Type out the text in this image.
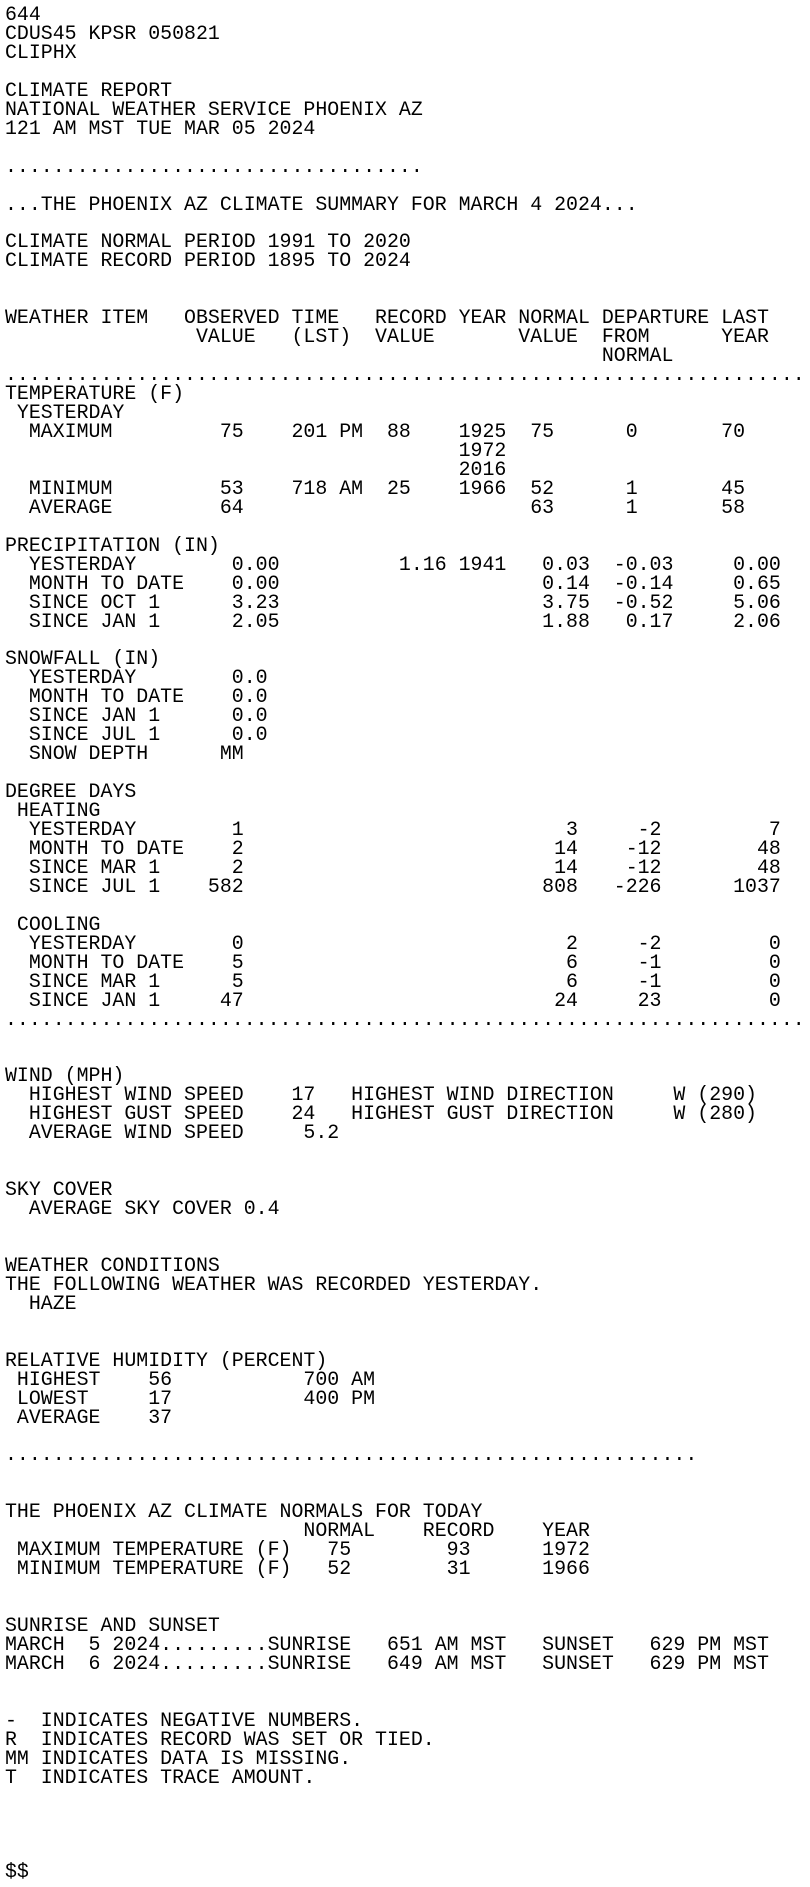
644
CDUS45 KPSR 050821
CLIPHX
CLIMATE REPORT
NATIONAL WEATHER SERVICE PHOENIX AZ
121 AM MST TUE MAR 05 2024
...................................
...THE PHOENIX AZ CLIMATE SUMMARY FOR MARCH 4 2024...
CLIMATE NORMAL PERIOD 1991 TO 2020
CLIMATE RECORD PERIOD 1895 TO 2024
WEATHER ITEM   OBSERVED TIME   RECORD YEAR NORMAL DEPARTURE LAST
VALUE   (LST)  VALUE       VALUE  FROM      YEAR
NORMAL
...................................................................
TEMPERATURE (F)
YESTERDAY
MAXIMUM         75    201 PM  88    1925  75      0       70
1972
2016
MINIMUM         53    718 AM  25    1966  52      1       45
AVERAGE         64                        63      1       58
PRECIPITATION (IN)
YESTERDAY        0.00          1.16 1941   0.03  -0.03     0.00
MONTH TO DATE    0.00                      0.14  -0.14     0.65
SINCE OCT 1      3.23                      3.75  -0.52     5.06
SINCE JAN 1      2.05                      1.88   0.17     2.06
SNOWFALL (IN)
YESTERDAY        0.0
MONTH TO DATE    0.0
SINCE JAN 1      0.0
SINCE JUL 1      0.0
SNOW DEPTH      MM
DEGREE DAYS
HEATING
YESTERDAY        1                           3     -2         7
MONTH TO DATE    2                          14    -12        48
SINCE MAR 1      2                          14    -12        48
SINCE JUL 1    582                         808   -226      1037
COOLING
YESTERDAY        0                           2     -2         0
MONTH TO DATE    5                           6     -1         0
SINCE MAR 1      5                           6     -1         0
SINCE JAN 1     47                          24     23         0
...................................................................
WIND (MPH)
HIGHEST WIND SPEED    17   HIGHEST WIND DIRECTION     W (290)
HIGHEST GUST SPEED    24   HIGHEST GUST DIRECTION     W (280)
AVERAGE WIND SPEED     5.2
SKY COVER
AVERAGE SKY COVER 0.4
WEATHER CONDITIONS
THE FOLLOWING WEATHER WAS RECORDED YESTERDAY.
HAZE
RELATIVE HUMIDITY (PERCENT)
HIGHEST    56           700 AM
LOWEST     17           400 PM
AVERAGE    37
..........................................................
THE PHOENIX AZ CLIMATE NORMALS FOR TODAY
NORMAL    RECORD    YEAR
MAXIMUM TEMPERATURE (F)   75        93      1972
MINIMUM TEMPERATURE (F)   52        31      1966
SUNRISE AND SUNSET
MARCH  5 2024.........SUNRISE   651 AM MST   SUNSET   629 PM MST
MARCH  6 2024.........SUNRISE   649 AM MST   SUNSET   629 PM MST
-  INDICATES NEGATIVE NUMBERS.
R  INDICATES RECORD WAS SET OR TIED.
MM INDICATES DATA IS MISSING.
T  INDICATES TRACE AMOUNT.
$$
